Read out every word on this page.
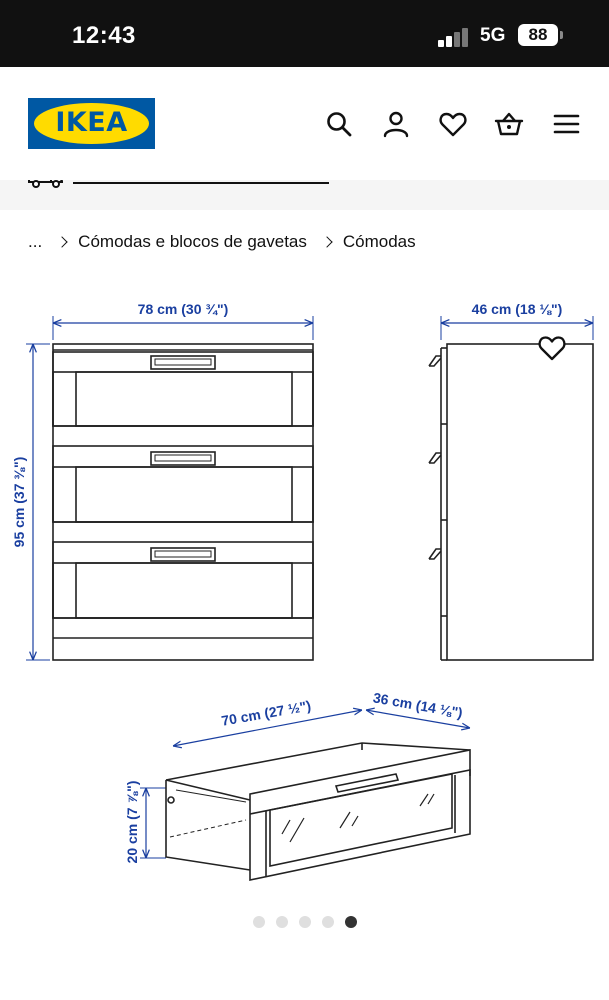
12:43	5G	88
IKEA
... Cómodas e blocos de gavetas Cómodas
78 cm (30 ¾")	46 cm (18 ⅛")
95 cm (37 ⅜")
70 cm (27 ½")	36 cm (14 ⅛")
20 cm (7 ⅞")
